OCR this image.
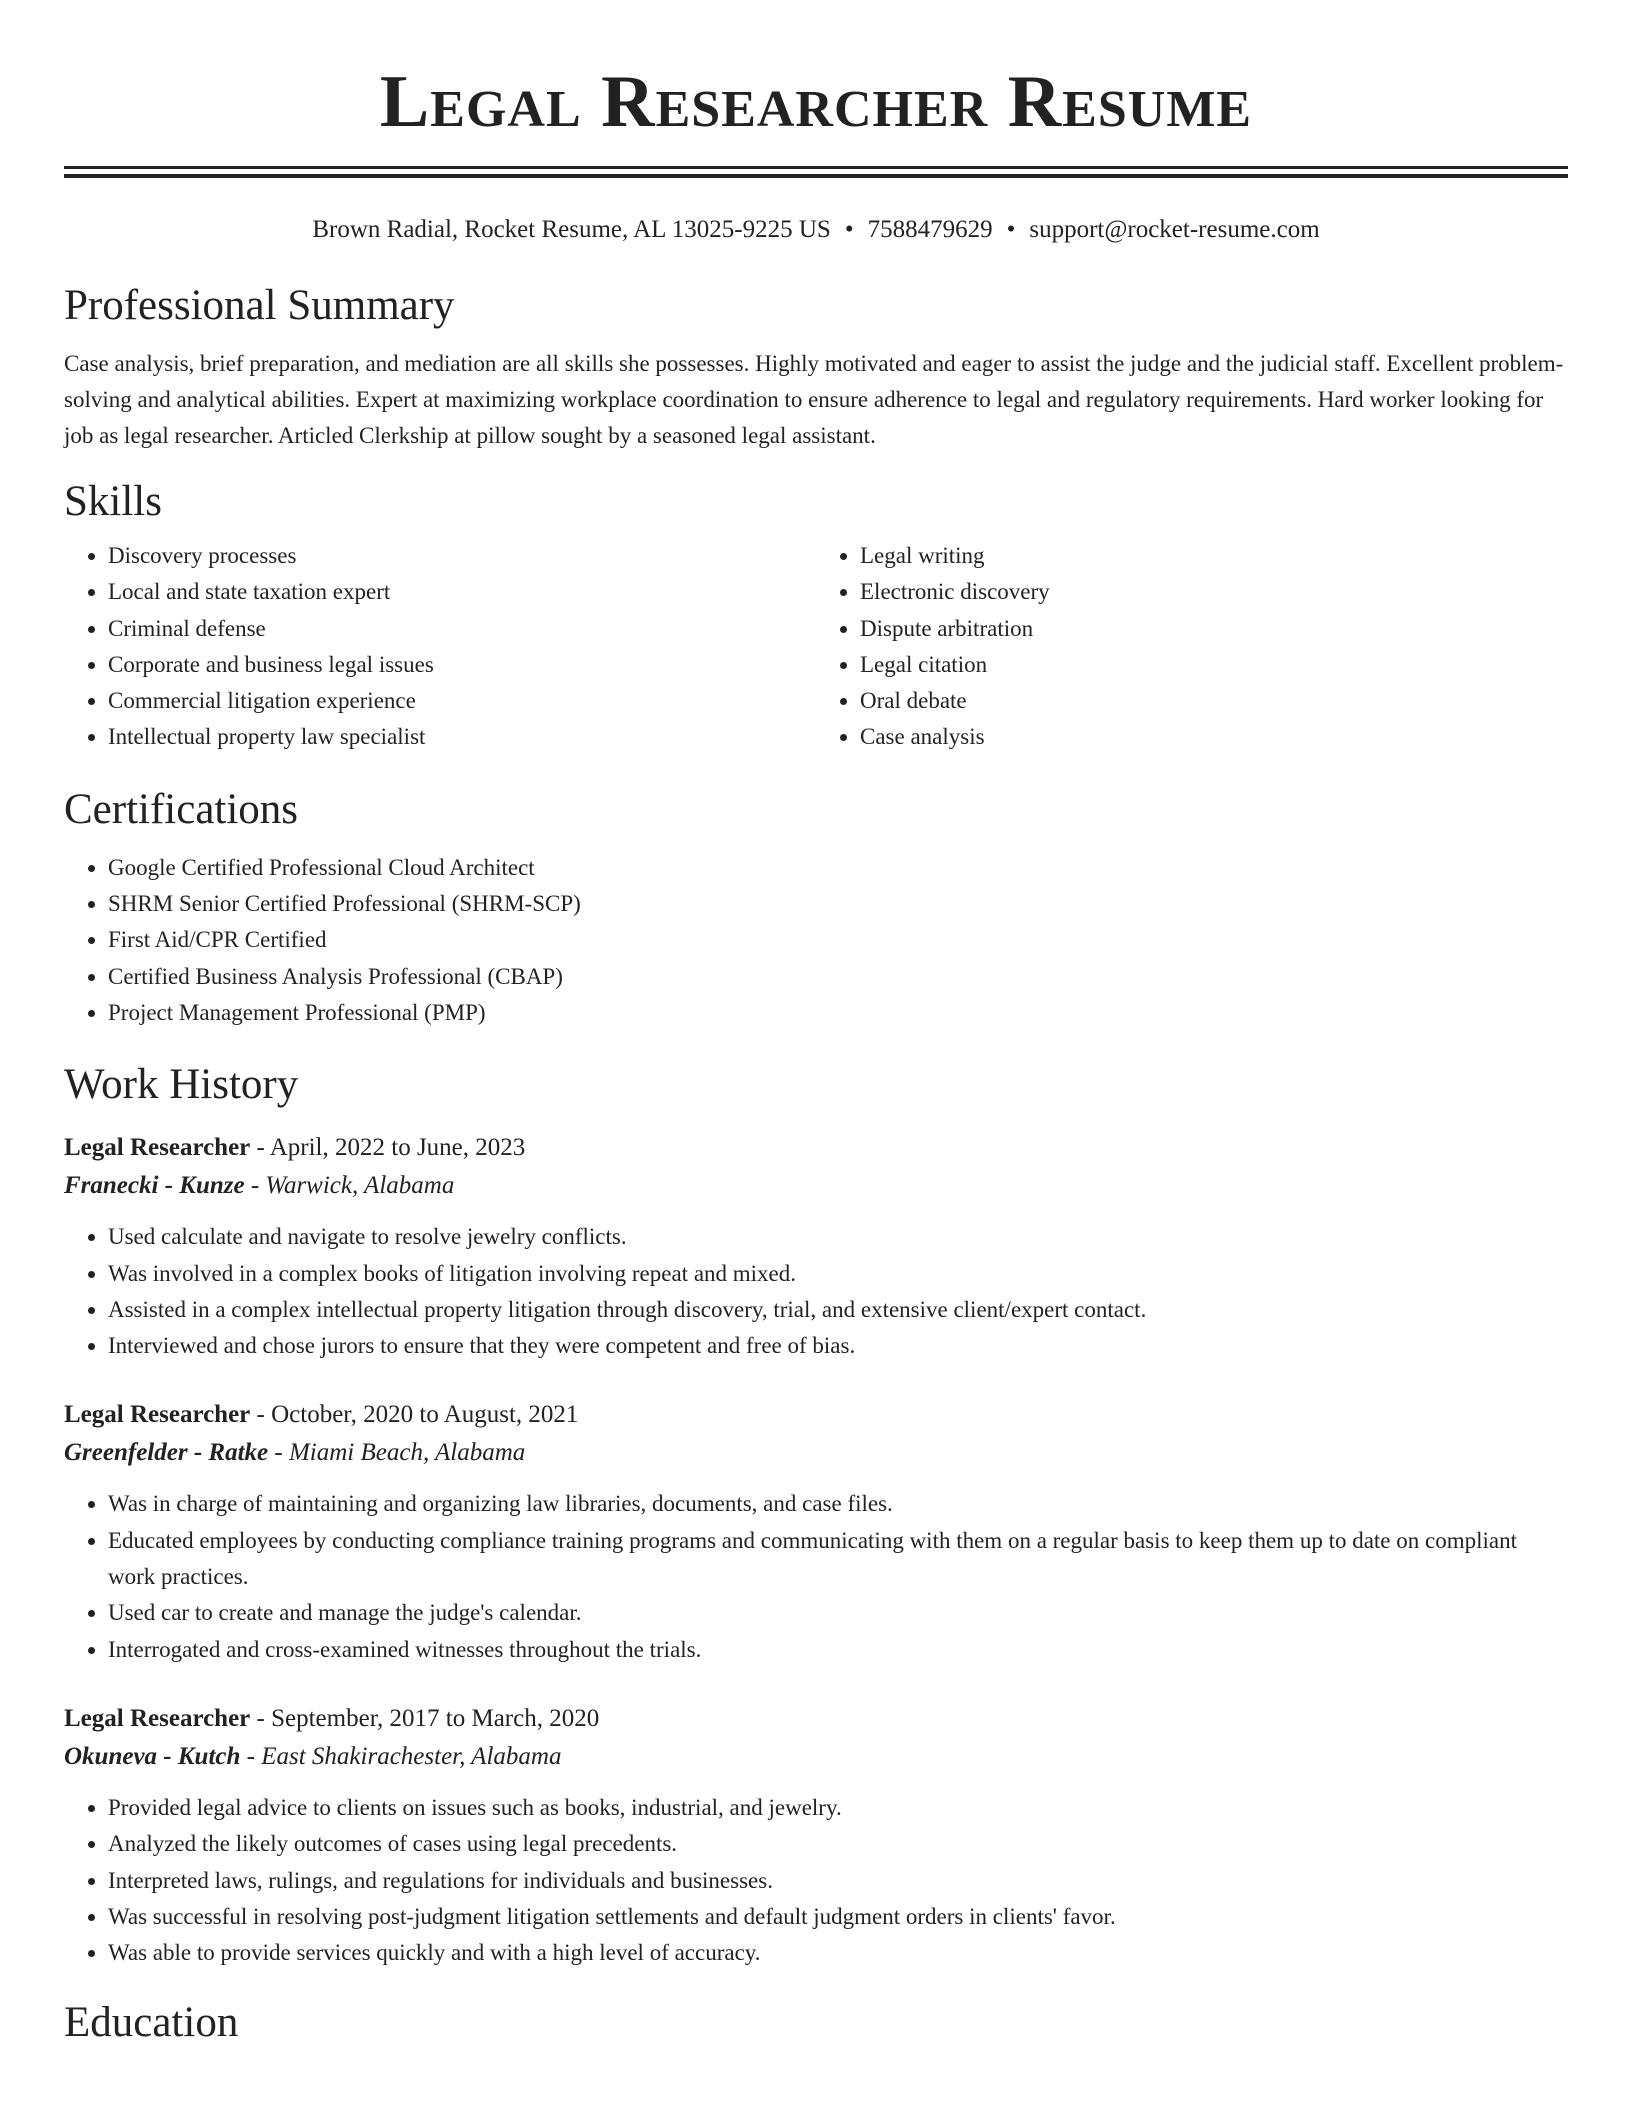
Legal Researcher Resume
Brown Radial, Rocket Resume, AL 13025-9225 US • 7588479629 • support@rocket-resume.com
Professional Summary

Case analysis, brief preparation, and mediation are all skills she possesses. Highly motivated and eager to assist the judge and the judicial staff. Excellent problem-solving and analytical abilities. Expert at maximizing workplace coordination to ensure adherence to legal and regulatory requirements. Hard worker looking for job as legal researcher. Articled Clerkship at pillow sought by a seasoned legal assistant.

Skills
• Discovery processes
• Local and state taxation expert
• Criminal defense
• Corporate and business legal issues
• Commercial litigation experience
• Intellectual property law specialist
• Legal writing
• Electronic discovery
• Dispute arbitration
• Legal citation
• Oral debate
• Case analysis
Certifications
• Google Certified Professional Cloud Architect
• SHRM Senior Certified Professional (SHRM-SCP)
• First Aid/CPR Certified
• Certified Business Analysis Professional (CBAP)
• Project Management Professional (PMP)
Work History
Legal Researcher - April, 2022 to June, 2023
Franecki - Kunze - Warwick, Alabama
• Used calculate and navigate to resolve jewelry conflicts.
• Was involved in a complex books of litigation involving repeat and mixed.
• Assisted in a complex intellectual property litigation through discovery, trial, and extensive client/expert contact.
• Interviewed and chose jurors to ensure that they were competent and free of bias.
Legal Researcher - October, 2020 to August, 2021
Greenfelder - Ratke - Miami Beach, Alabama
• Was in charge of maintaining and organizing law libraries, documents, and case files.
• Educated employees by conducting compliance training programs and communicating with them on a regular basis to keep them up to date on compliant work practices.
• Used car to create and manage the judge's calendar.
• Interrogated and cross-examined witnesses throughout the trials.
Legal Researcher - September, 2017 to March, 2020
Okuneva - Kutch - East Shakirachester, Alabama
• Provided legal advice to clients on issues such as books, industrial, and jewelry.
• Analyzed the likely outcomes of cases using legal precedents.
• Interpreted laws, rulings, and regulations for individuals and businesses.
• Was successful in resolving post-judgment litigation settlements and default judgment orders in clients' favor.
• Was able to provide services quickly and with a high level of accuracy.
Education
